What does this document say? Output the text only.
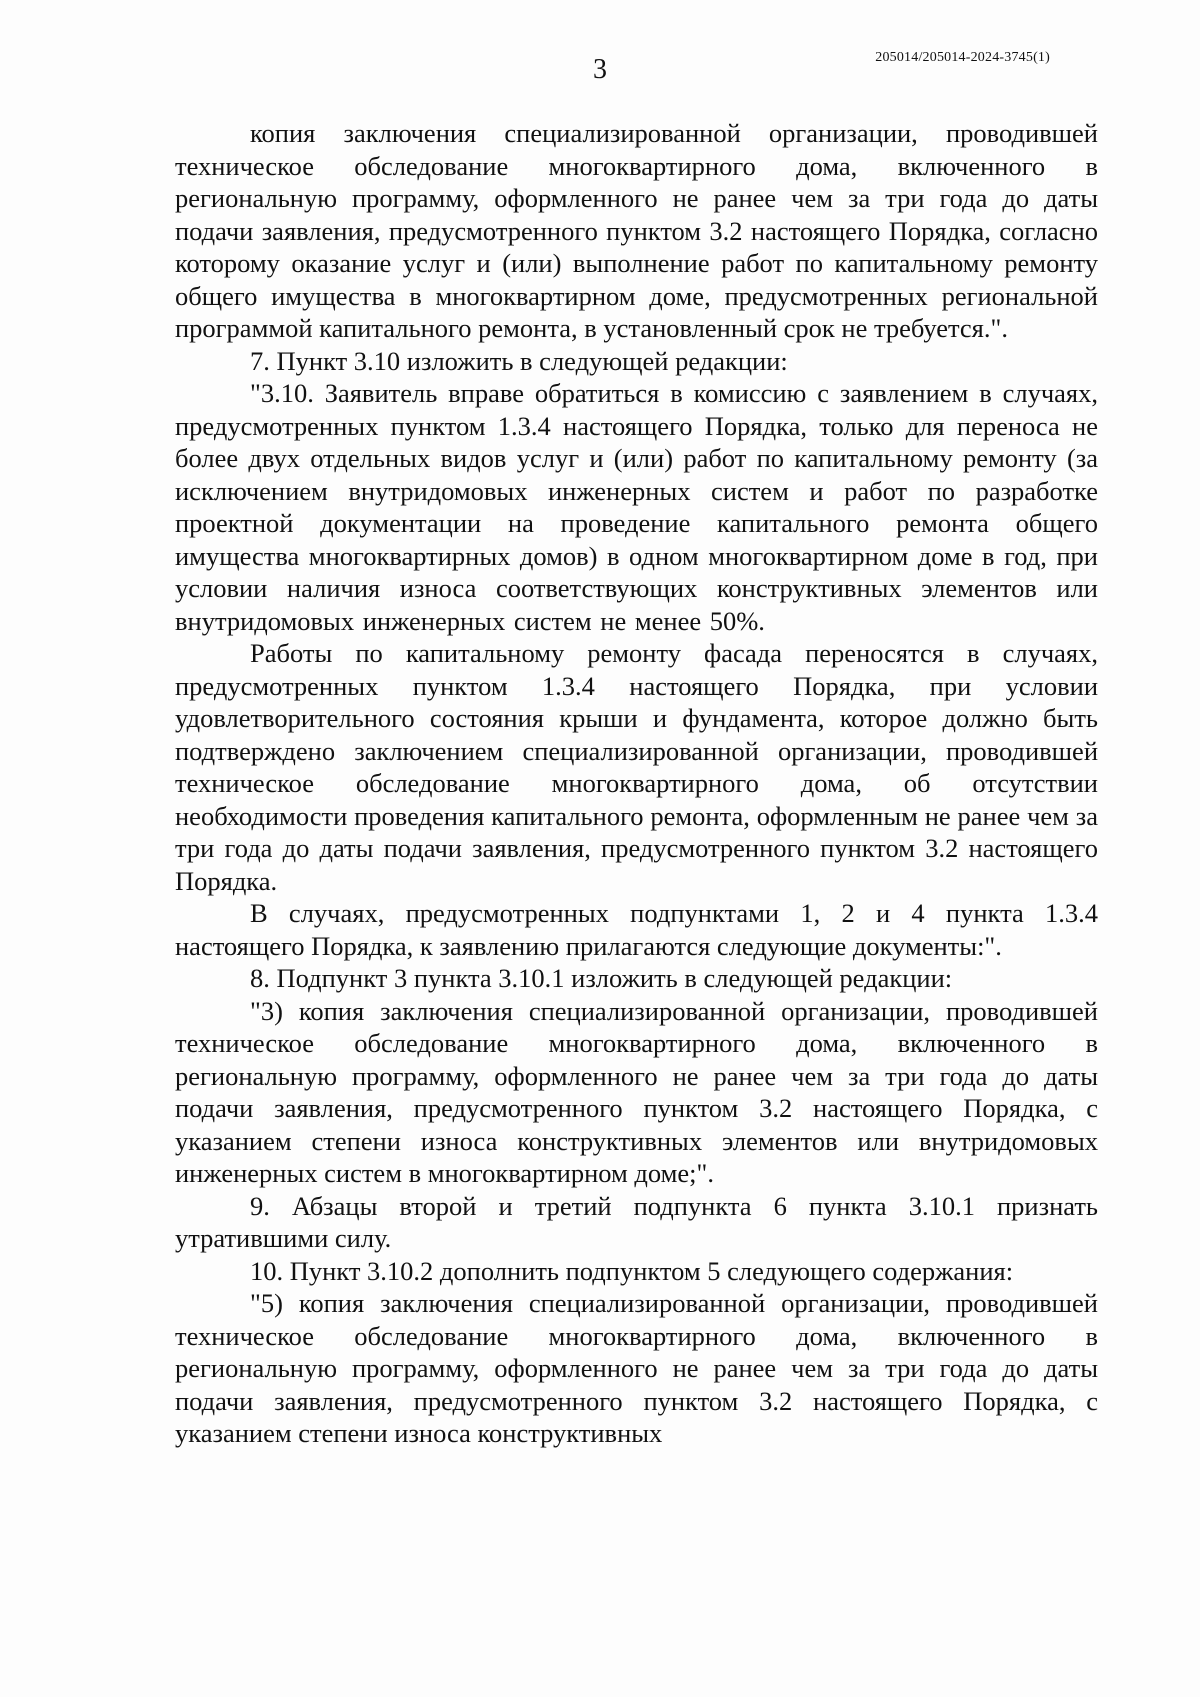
3	205014/205014-2024-3745(1)

копия заключения специализированной организации, проводившей техническое обследование многоквартирного дома, включенного в региональную программу, оформленного не ранее чем за три года до даты подачи заявления, предусмотренного пунктом 3.2 настоящего Порядка, согласно которому оказание услуг и (или) выполнение работ по капитальному ремонту общего имущества в многоквартирном доме, предусмотренных региональной программой капитального ремонта, в установленный срок не требуется.".

7. Пункт 3.10 изложить в следующей редакции:

"3.10. Заявитель вправе обратиться в комиссию с заявлением в случаях, предусмотренных пунктом 1.3.4 настоящего Порядка, только для переноса не более двух отдельных видов услуг и (или) работ по капитальному ремонту (за исключением внутридомовых инженерных систем и работ по разработке проектной документации на проведение капитального ремонта общего имущества многоквартирных домов) в одном многоквартирном доме в год, при условии наличия износа соответствующих конструктивных элементов или внутридомовых инженерных систем не менее 50%.

Работы по капитальному ремонту фасада переносятся в случаях, предусмотренных пунктом 1.3.4 настоящего Порядка, при условии удовлетворительного состояния крыши и фундамента, которое должно быть подтверждено заключением специализированной организации, проводившей техническое обследование многоквартирного дома, об отсутствии необходимости проведения капитального ремонта, оформленным не ранее чем за три года до даты подачи заявления, предусмотренного пунктом 3.2 настоящего Порядка.

В случаях, предусмотренных подпунктами 1, 2 и 4 пункта 1.3.4 настоящего Порядка, к заявлению прилагаются следующие документы:".

8. Подпункт 3 пункта 3.10.1 изложить в следующей редакции:

"3) копия заключения специализированной организации, проводившей техническое обследование многоквартирного дома, включенного в региональную программу, оформленного не ранее чем за три года до даты подачи заявления, предусмотренного пунктом 3.2 настоящего Порядка, с указанием степени износа конструктивных элементов или внутридомовых инженерных систем в многоквартирном доме;".

9. Абзацы второй и третий подпункта 6 пункта 3.10.1 признать утратившими силу.

10. Пункт 3.10.2 дополнить подпунктом 5 следующего содержания:

"5) копия заключения специализированной организации, проводившей техническое обследование многоквартирного дома, включенного в региональную программу, оформленного не ранее чем за три года до даты подачи заявления, предусмотренного пунктом 3.2 настоящего Порядка, с указанием степени износа конструктивных
